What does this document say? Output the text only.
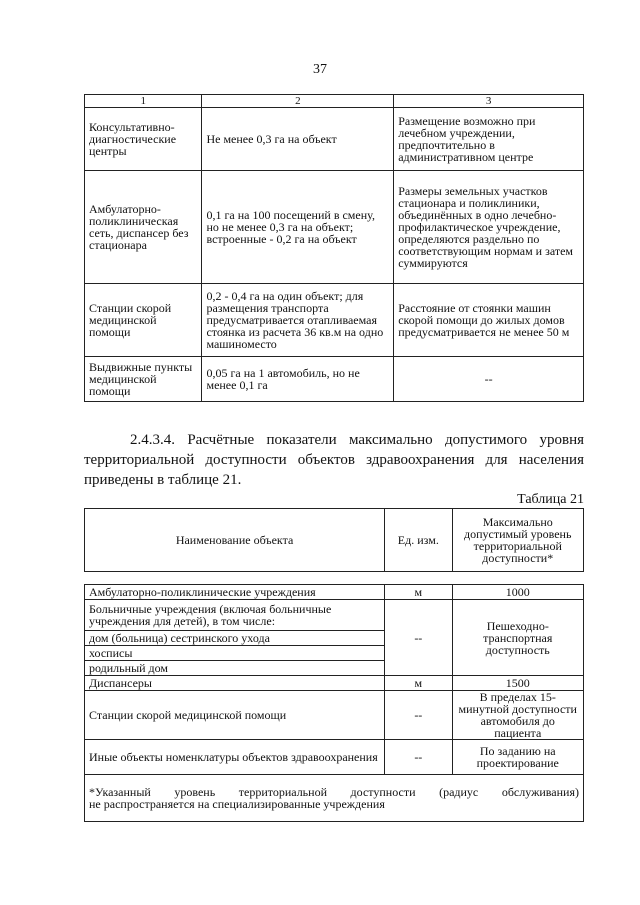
37
1	2	3
Консультативно-диагностические центры	Не менее 0,3 га на объект	Размещение возможно при лечебном учреждении, предпочтительно в административном центре
Амбулаторно-поликлиническая сеть, диспансер без стационара	0,1 га на 100 посещений в смену, но не менее 0,3 га на объект; встроенные - 0,2 га на объект	Размеры земельных участков стационара и поликлиники, объединённых в одно лечебно-профилактическое учреждение, определяются раздельно по соответствующим нормам и затем суммируются
Станции скорой медицинской помощи	0,2 - 0,4 га на один объект; для размещения транспорта предусматривается отапливаемая стоянка из расчета 36 кв.м на одно машиноместо	Расстояние от стоянки машин скорой помощи до жилых домов предусматривается не менее 50 м
Выдвижные пункты медицинской помощи	0,05 га на 1 автомобиль, но не менее 0,1 га	--
2.4.3.4. Расчётные показатели максимально допустимого уровня
территориальной доступности объектов здравоохранения для населения приведены в таблице 21.
Таблица 21
Наименование объекта	Ед. изм.	Максимально допустимый уровень территориальной доступности*

Амбулаторно-поликлинические учреждения	м	1000
Больничные учреждения (включая больничные учреждения для детей), в том числе:	--	Пешеходно-транспортная доступность
дом (больница) сестринского ухода		
хосписы		
родильный дом		
Диспансеры	м	1500
Станции скорой медицинской помощи	--	В пределах 15-минутной доступности автомобиля до пациента
Иные объекты номенклатуры объектов здравоохранения	--	По заданию на проектирование

*Указанный уровень территориальной доступности (радиус обслуживания)
не распространяется на специализированные учреждения		
